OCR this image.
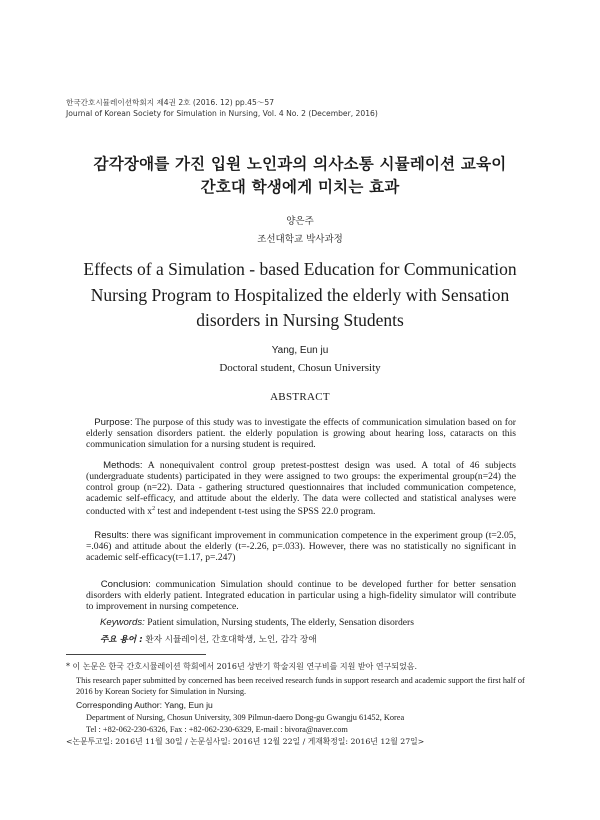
한국간호시뮬레이션학회지 제4권 2호 (2016. 12) pp.45～57
Journal of Korean Society for Simulation in Nursing, Vol. 4 No. 2 (December, 2016)
감각장애를 가진 입원 노인과의 의사소통 시뮬레이션 교육이
간호대 학생에게 미치는 효과
양은주
조선대학교 박사과정
Effects of a Simulation - based Education for Communication Nursing Program to Hospitalized the elderly with Sensation disorders in Nursing Students
Yang, Eun ju
Doctoral student, Chosun University
ABSTRACT
Purpose: The purpose of this study was to investigate the effects of communication simulation based on for elderly sensation disorders patient. the elderly population is growing about hearing loss, cataracts on this communication simulation for a nursing student is required.
Methods: A nonequivalent control group pretest-posttest design was used. A total of 46 subjects (undergraduate students) participated in they were assigned to two groups: the experimental group(n=24) the control group (n=22). Data - gathering structured questionnaires that included communication competence, academic self-efficacy, and attitude about the elderly. The data were collected and statistical analyses were conducted with $x^2$ test and independent t-test using the SPSS 22.0 program.
Results: there was significant improvement in communication competence in the experiment group (t=2.05, =.046) and attitude about the elderly (t=-2.26, p=.033). However, there was no statistically no significant in academic self-efficacy(t=1.17, p=.247)
Conclusion: communication Simulation should continue to be developed further for better sensation disorders with elderly patient. Integrated education in particular using a high-fidelity simulator will contribute to improvement in nursing competence.
Keywords: Patient simulation, Nursing students, The elderly, Sensation disorders
주요 용어 : 환자 시뮬레이션, 간호대학생, 노인, 감각 장애
* 이 논문은 한국 간호시뮬레이션 학회에서 2016년 상반기 학술지원 연구비를 지원 받아 연구되었음.
This research paper submitted by concerned has been received research funds in support research and academic support the first half of 2016 by Korean Society for Simulation in Nursing.
Corresponding Author: Yang, Eun ju
Department of Nursing, Chosun University, 309 Pilmun-daero Dong-gu Gwangju 61452, Korea
Tel : +82-062-230-6326, Fax : +82-062-230-6329, E-mail : bivora@naver.com
<논문투고일: 2016년 11월 30일 / 논문심사일: 2016년 12월 22일 / 게재확정일: 2016년 12월 27일>
